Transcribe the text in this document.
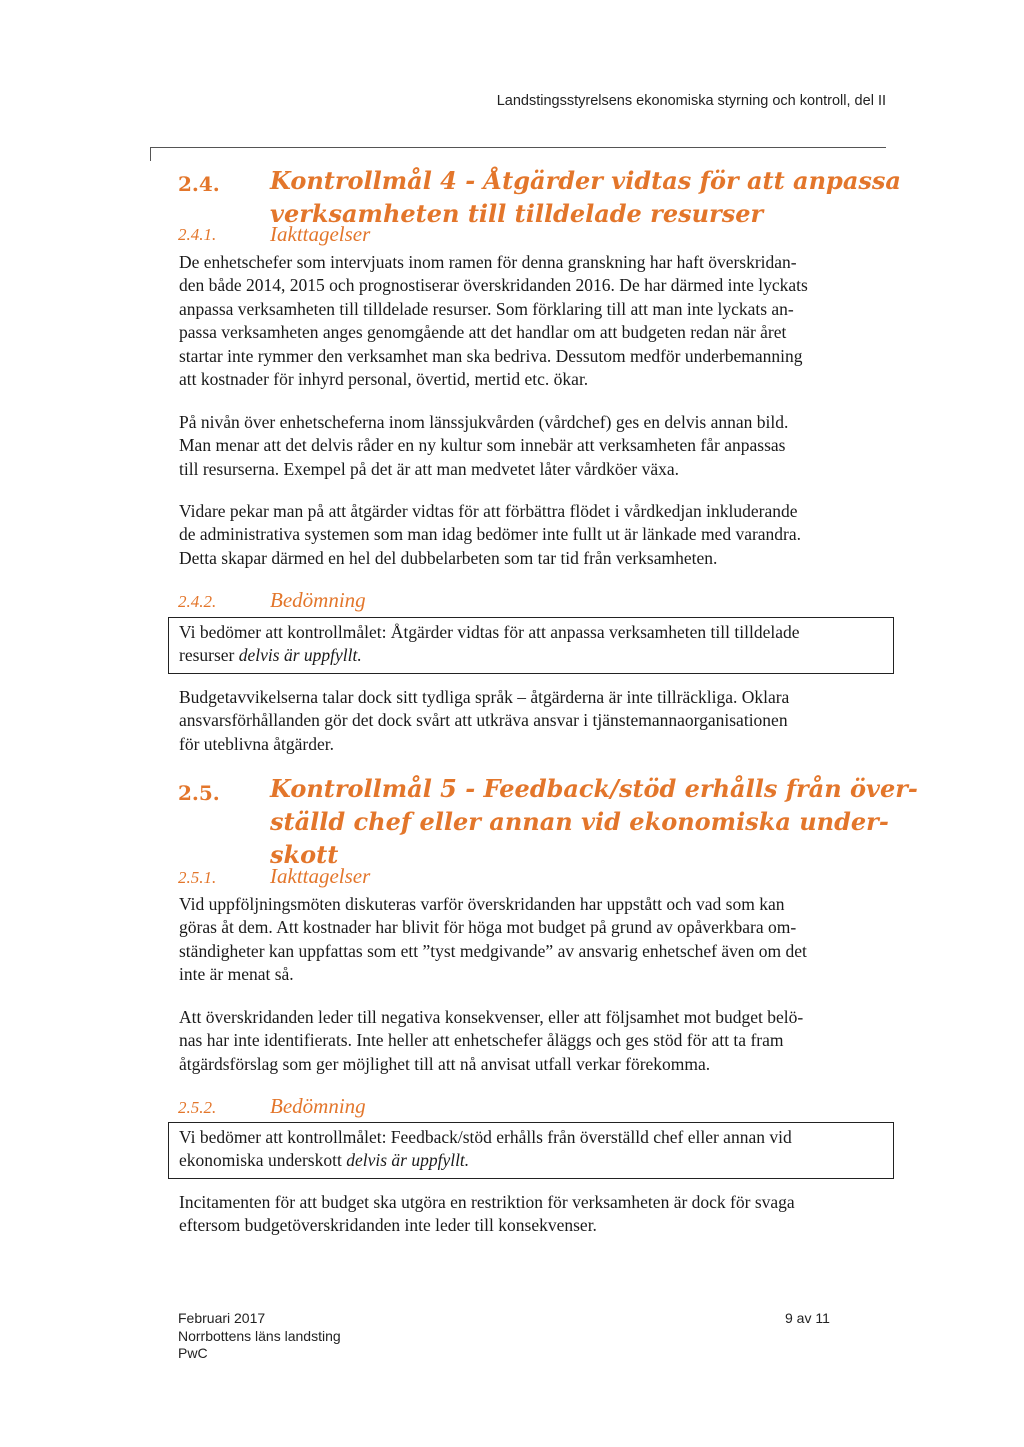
Landstingsstyrelsens ekonomiska styrning och kontroll, del II
2.4. Kontrollmål 4 - Åtgärder vidtas för att anpassa
verksamheten till tilldelade resurser
2.4.1.	Iakttagelser
De enhetschefer som intervjuats inom ramen för denna granskning har haft överskridan-
den både 2014, 2015 och prognostiserar överskridanden 2016. De har därmed inte lyckats
anpassa verksamheten till tilldelade resurser. Som förklaring till att man inte lyckats an-
passa verksamheten anges genomgående att det handlar om att budgeten redan när året
startar inte rymmer den verksamhet man ska bedriva. Dessutom medför underbemanning
att kostnader för inhyrd personal, övertid, mertid etc. ökar.
På nivån över enhetscheferna inom länssjukvården (vårdchef) ges en delvis annan bild.
Man menar att det delvis råder en ny kultur som innebär att verksamheten får anpassas
till resurserna. Exempel på det är att man medvetet låter vårdköer växa.
Vidare pekar man på att åtgärder vidtas för att förbättra flödet i vårdkedjan inkluderande
de administrativa systemen som man idag bedömer inte fullt ut är länkade med varandra.
Detta skapar därmed en hel del dubbelarbeten som tar tid från verksamheten.
2.4.2.	Bedömning
Vi bedömer att kontrollmålet: Åtgärder vidtas för att anpassa verksamheten till tilldelade
resurser delvis är uppfyllt.
Budgetavvikelserna talar dock sitt tydliga språk – åtgärderna är inte tillräckliga. Oklara
ansvarsförhållanden gör det dock svårt att utkräva ansvar i tjänstemannaorganisationen
för uteblivna åtgärder.
2.5. Kontrollmål 5 - Feedback/stöd erhålls från över-
ställd chef eller annan vid ekonomiska under-
skott
2.5.1.	Iakttagelser
Vid uppföljningsmöten diskuteras varför överskridanden har uppstått och vad som kan
göras åt dem. Att kostnader har blivit för höga mot budget på grund av opåverkbara om-
ständigheter kan uppfattas som ett ”tyst medgivande” av ansvarig enhetschef även om det
inte är menat så.
Att överskridanden leder till negativa konsekvenser, eller att följsamhet mot budget belö-
nas har inte identifierats. Inte heller att enhetschefer åläggs och ges stöd för att ta fram
åtgärdsförslag som ger möjlighet till att nå anvisat utfall verkar förekomma.
2.5.2.	Bedömning
Vi bedömer att kontrollmålet: Feedback/stöd erhålls från överställd chef eller annan vid
ekonomiska underskott delvis är uppfyllt.
Incitamenten för att budget ska utgöra en restriktion för verksamheten är dock för svaga
eftersom budgetöverskridanden inte leder till konsekvenser.
Februari 2017
Norrbottens läns landsting
PwC
9 av 11
